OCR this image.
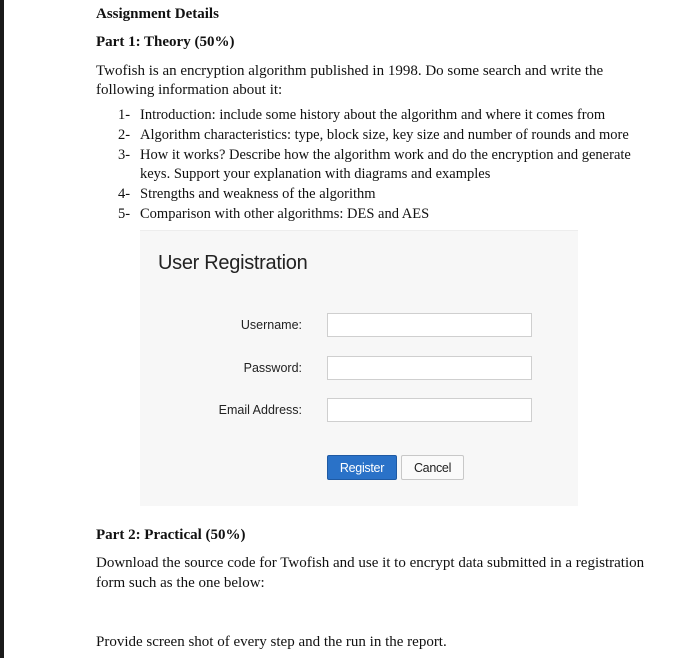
Assignment Details
Part 1: Theory (50%)
Twofish is an encryption algorithm published in 1998. Do some search and write the
following information about it:
1- Introduction: include some history about the algorithm and where it comes from
2- Algorithm characteristics: type, block size, key size and number of rounds and more
3- How it works? Describe how the algorithm work and do the encryption and generate
keys. Support your explanation with diagrams and examples
4- Strengths and weakness of the algorithm
5- Comparison with other algorithms: DES and AES
User Registration
Username:
Password:
Email Address:
Register	Cancel
Part 2: Practical (50%)
Download the source code for Twofish and use it to encrypt data submitted in a registration
form such as the one below:
Provide screen shot of every step and the run in the report.
